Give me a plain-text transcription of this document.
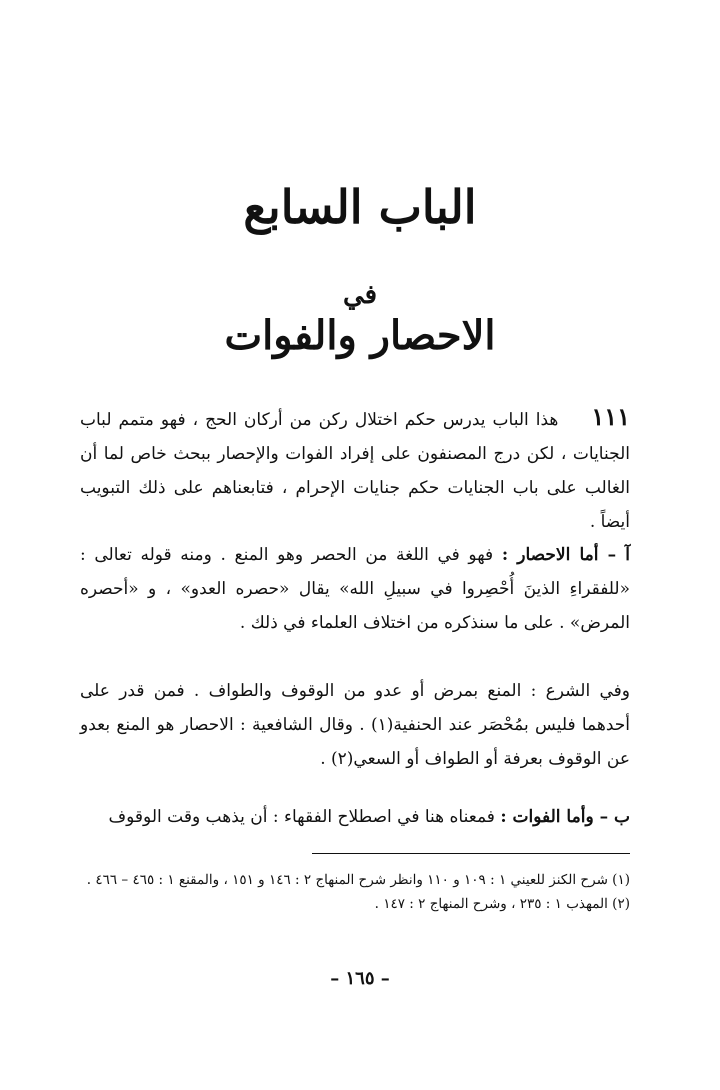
الباب السابع
في
الاحصار والفوات
١١١ هذا الباب يدرس حكم اختلال ركن من أركان الحج ، فهو متمم لباب الجنايات ، لكن درج المصنفون على إفراد الفوات والإحصار ببحث خاص لما أن الغالب على باب الجنايات حكم جنايات الإحرام ، فتابعناهم على ذلك التبويب أيضاً .
آ – أما الاحصار : فهو في اللغة من الحصر وهو المنع . ومنه قوله تعالى : «للفقراءِ الذينَ أُحْصِروا في سبيلِ الله» يقال «حصره العدو» ، و «أحصره المرض» . على ما سنذكره من اختلاف العلماء في ذلك .
وفي الشرع : المنع بمرض أو عدو من الوقوف والطواف . فمن قدر على أحدهما فليس بمُحْصَر عند الحنفية(١) . وقال الشافعية : الاحصار هو المنع بعدو عن الوقوف بعرفة أو الطواف أو السعي(٢) .
ب – وأما الفوات : فمعناه هنا في اصطلاح الفقهاء : أن يذهب وقت الوقوف

(١) شرح الكنز للعيني ١ : ١٠٩ و ١١٠ وانظر شرح المنهاج ٢ : ١٤٦ و ١٥١ ، والمقنع ١ : ٤٦٥ – ٤٦٦ .

(٢) المهذب ١ : ٢٣٥ ، وشرح المنهاج ٢ : ١٤٧ .

– ١٦٥ –
